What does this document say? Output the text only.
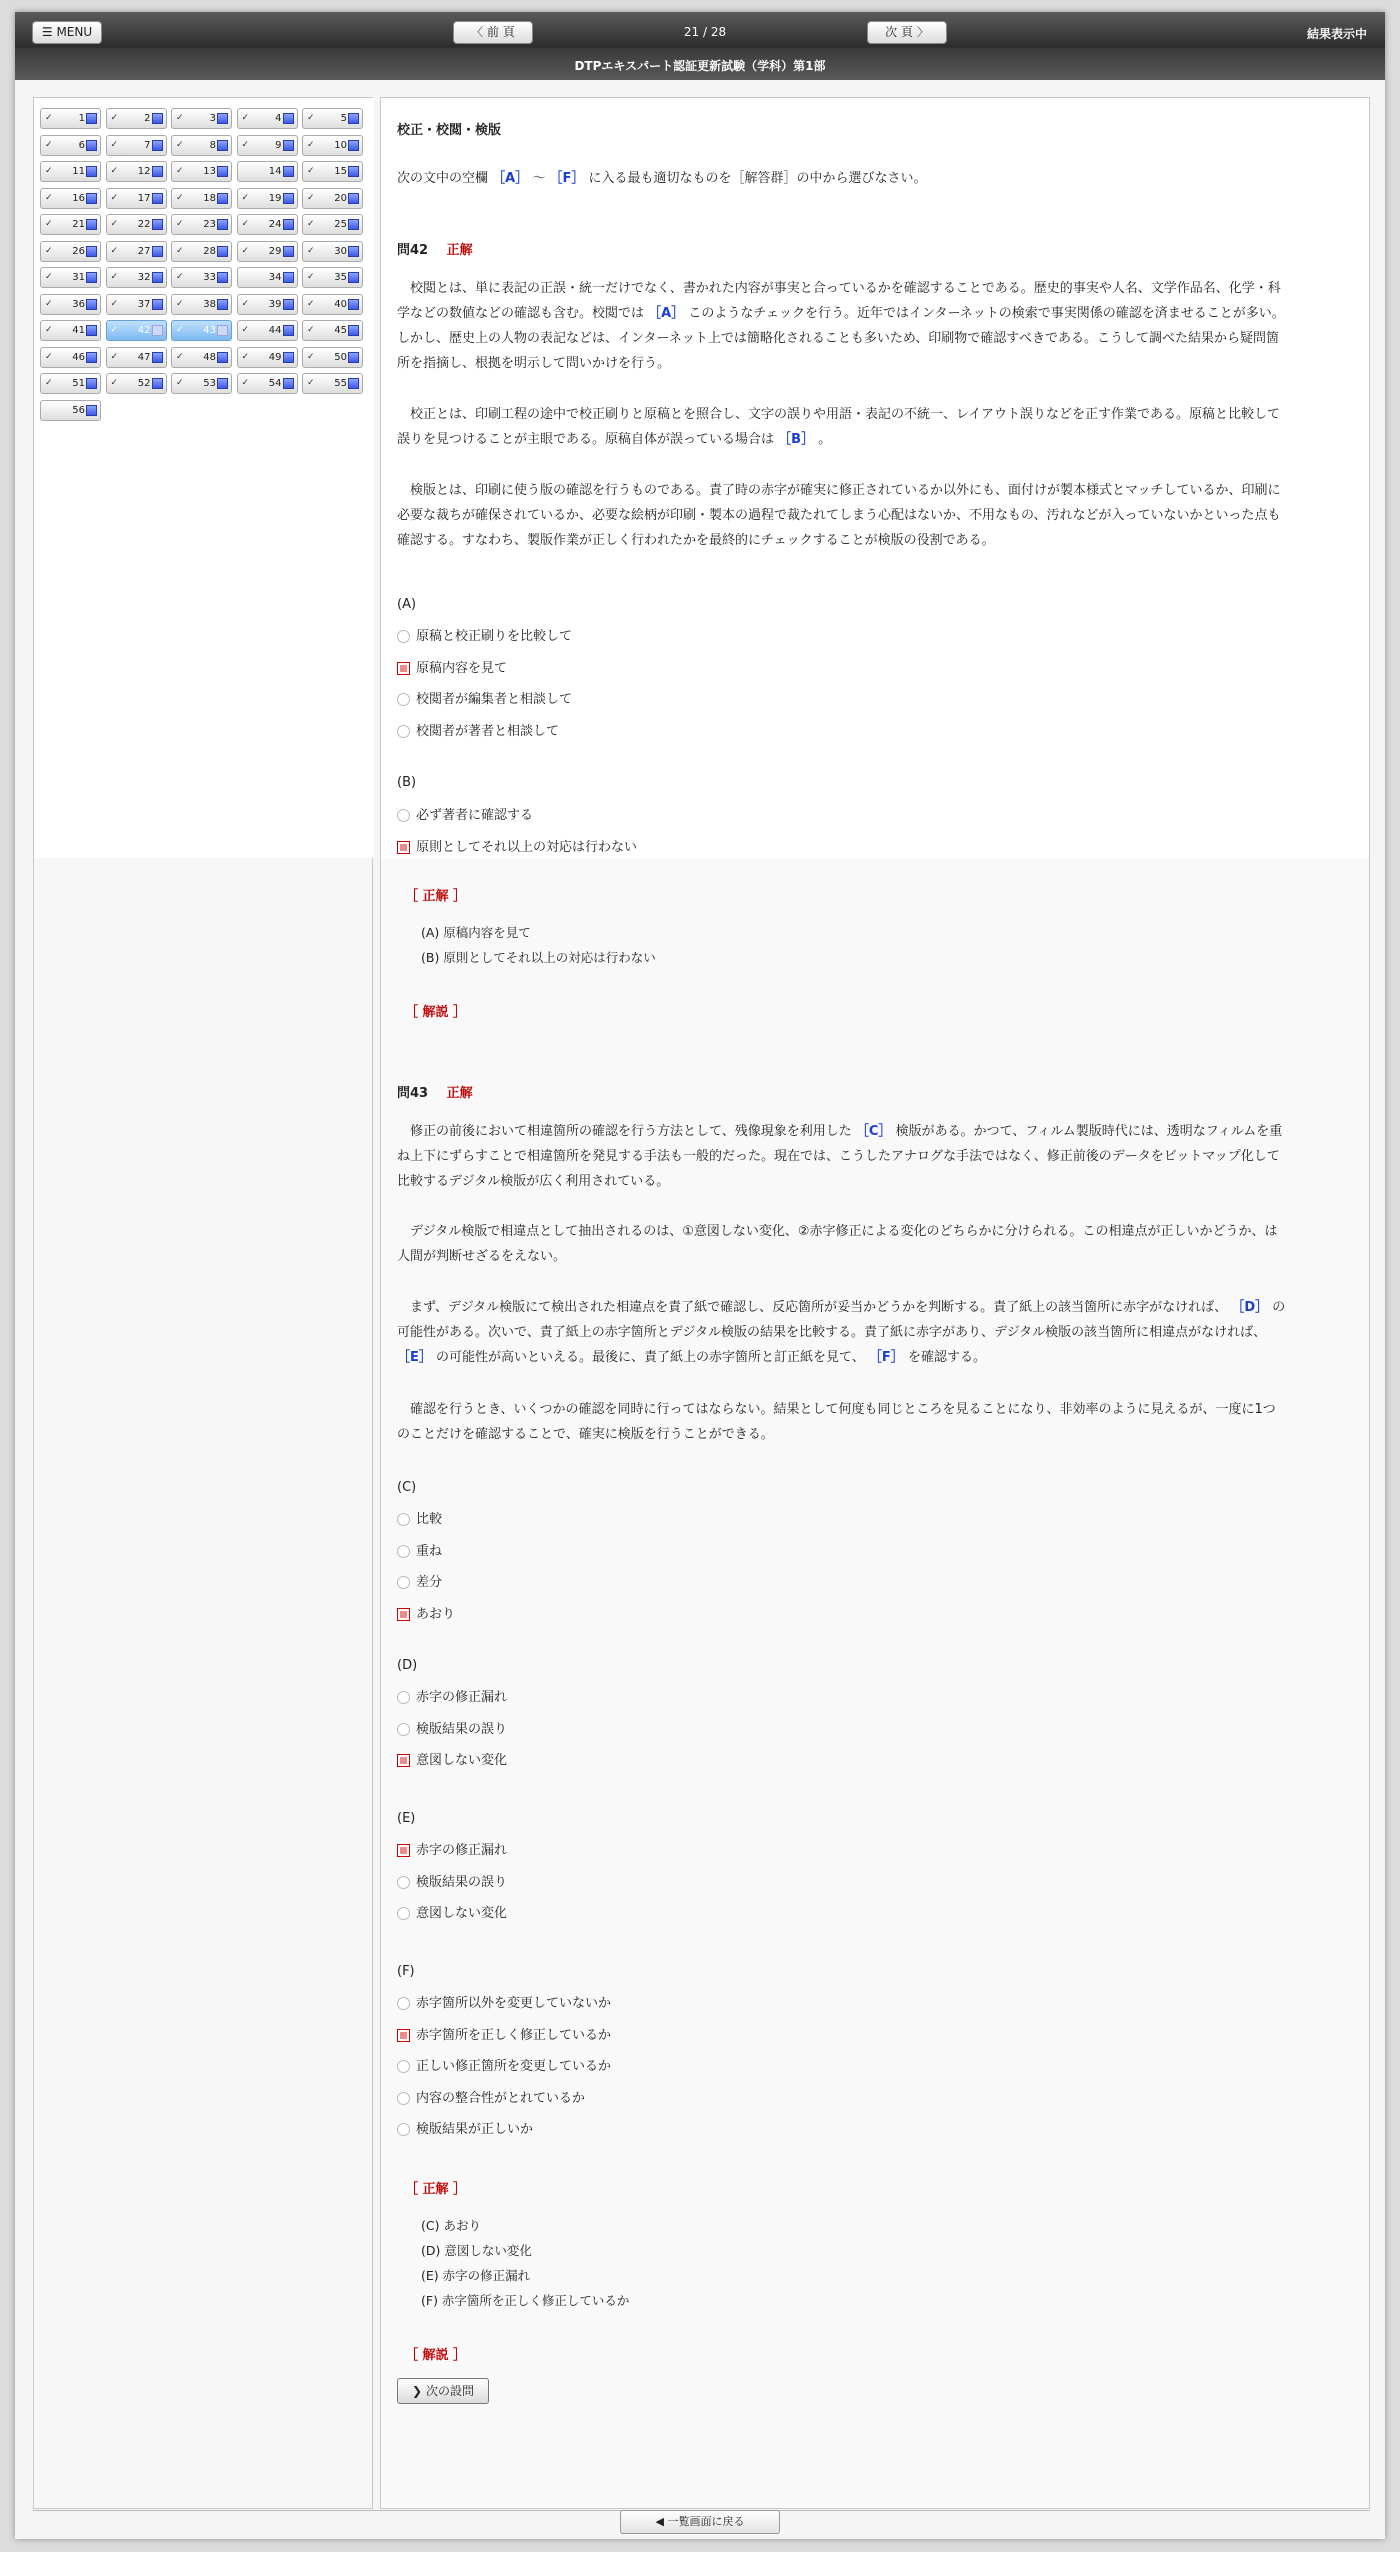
☰ MENU	〈 前 頁	21 / 28	次 頁 〉	結果表示中
DTPエキスパート認証更新試験（学科）第1部
✓	1	✓	2	✓	3	✓	4	✓	5
✓	6	✓	7	✓	8	✓	9	✓ 10
✓ 11	✓ 12	✓ 13	14	✓ 15
✓ 16	✓ 17	✓ 18	✓ 19	✓ 20
✓ 21	✓ 22	✓ 23	✓ 24	✓ 25
✓ 26	✓ 27	✓ 28	✓ 29	✓ 30
✓ 31	✓ 32	✓ 33	34	✓ 35
✓ 36	✓ 37	✓ 38	✓ 39	✓ 40
✓ 41	✓ 42	✓ 43	✓ 44	✓ 45
✓ 46	✓ 47	✓ 48	✓ 49	✓ 50
✓ 51	✓ 52	✓ 53	✓ 54	✓ 55
56
校正・校閲・検版
次の文中の空欄 ［A］ 〜 ［F］ に入る最も適切なものを［解答群］の中から選びなさい。
問42 正解
　校閲とは、単に表記の正誤・統一だけでなく、書かれた内容が事実と合っているかを確認することである。歴史的事実や人名、文学作品名、化学・科
学などの数値などの確認も含む。校閲では ［A］ このようなチェックを行う。近年ではインターネットの検索で事実関係の確認を済ませることが多い。
しかし、歴史上の人物の表記などは、インターネット上では簡略化されることも多いため、印刷物で確認すべきである。こうして調べた結果から疑問箇
所を指摘し、根拠を明示して問いかけを行う。
　校正とは、印刷工程の途中で校正刷りと原稿とを照合し、文字の誤りや用語・表記の不統一、レイアウト誤りなどを正す作業である。原稿と比較して
誤りを見つけることが主眼である。原稿自体が誤っている場合は ［B］ 。
　検版とは、印刷に使う版の確認を行うものである。責了時の赤字が確実に修正されているか以外にも、面付けが製本様式とマッチしているか、印刷に
必要な裁ちが確保されているか、必要な絵柄が印刷・製本の過程で裁たれてしまう心配はないか、不用なもの、汚れなどが入っていないかといった点も
確認する。すなわち、製版作業が正しく行われたかを最終的にチェックすることが検版の役割である。
(A)
原稿と校正刷りを比較して
原稿内容を見て
校閲者が編集者と相談して
校閲者が著者と相談して
(B)
必ず著者に確認する
原則としてそれ以上の対応は行わない
［ 正解 ］
(A) 原稿内容を見て
(B) 原則としてそれ以上の対応は行わない
［ 解説 ］
問43 正解
　修正の前後において相違箇所の確認を行う方法として、残像現象を利用した ［C］ 検版がある。かつて、フィルム製版時代には、透明なフィルムを重
ね上下にずらすことで相違箇所を発見する手法も一般的だった。現在では、こうしたアナログな手法ではなく、修正前後のデータをビットマップ化して
比較するデジタル検版が広く利用されている。
　デジタル検版で相違点として抽出されるのは、①意図しない変化、②赤字修正による変化のどちらかに分けられる。この相違点が正しいかどうか、は
人間が判断せざるをえない。
　まず、デジタル検版にて検出された相違点を責了紙で確認し、反応箇所が妥当かどうかを判断する。責了紙上の該当箇所に赤字がなければ、 ［D］ の
可能性がある。次いで、責了紙上の赤字箇所とデジタル検版の結果を比較する。責了紙に赤字があり、デジタル検版の該当箇所に相違点がなければ、
［E］ の可能性が高いといえる。最後に、責了紙上の赤字箇所と訂正紙を見て、 ［F］ を確認する。
　確認を行うとき、いくつかの確認を同時に行ってはならない。結果として何度も同じところを見ることになり、非効率のように見えるが、一度に1つ
のことだけを確認することで、確実に検版を行うことができる。
(C)
比較
重ね
差分
あおり
(D)
赤字の修正漏れ
検版結果の誤り
意図しない変化
(E)
赤字の修正漏れ
検版結果の誤り
意図しない変化
(F)
赤字箇所以外を変更していないか
赤字箇所を正しく修正しているか
正しい修正箇所を変更しているか
内容の整合性がとれているか
検版結果が正しいか
［ 正解 ］
(C) あおり
(D) 意図しない変化
(E) 赤字の修正漏れ
(F) 赤字箇所を正しく修正しているか
［ 解説 ］
❯ 次の設問
◀ 一覧画面に戻る
